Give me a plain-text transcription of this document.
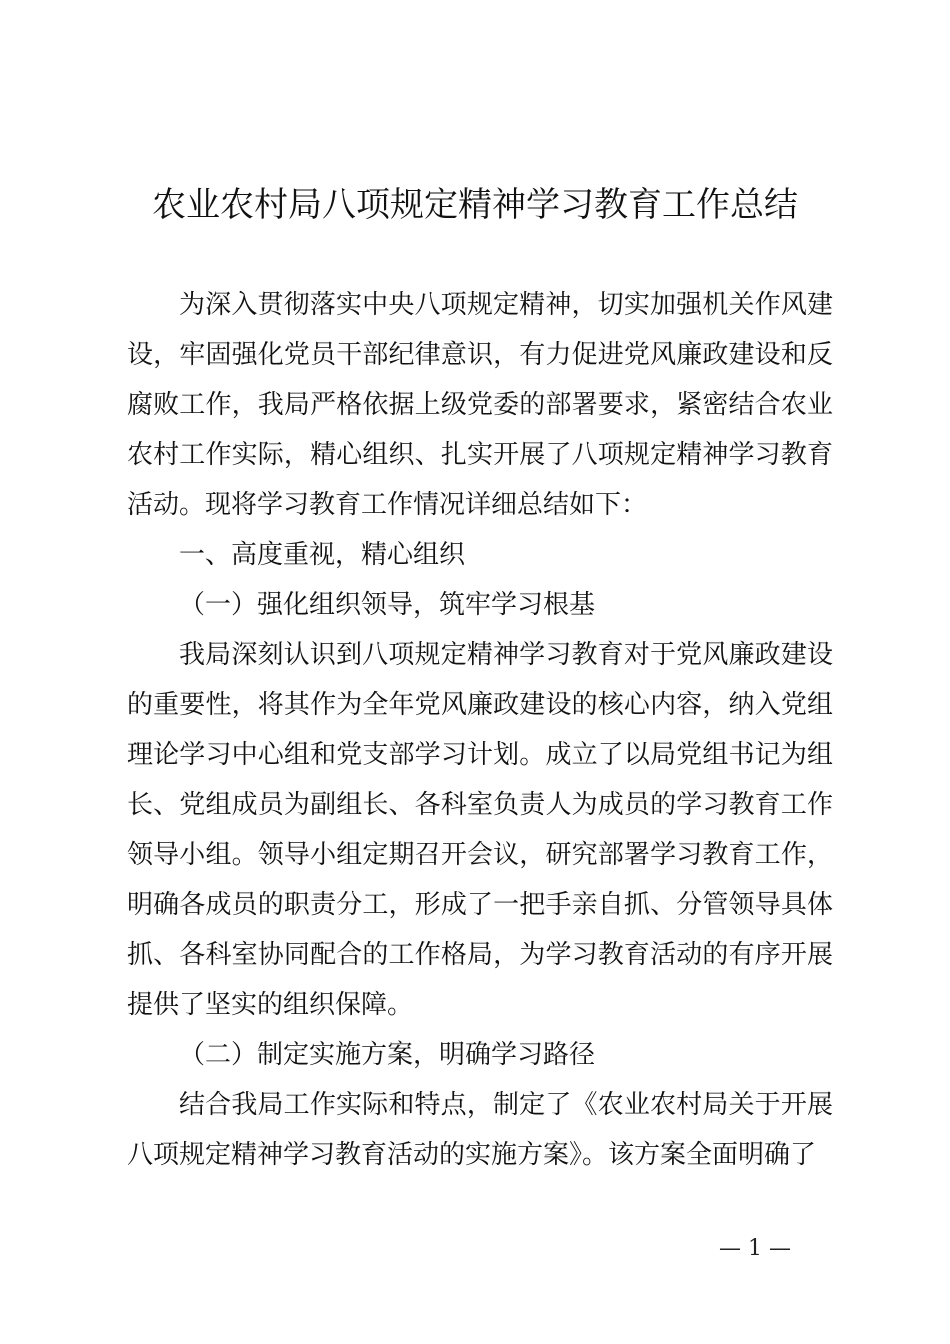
农业农村局八项规定精神学习教育工作总结

为深入贯彻落实中央八项规定精神，切实加强机关作风建设，牢固强化党员干部纪律意识，有力促进党风廉政建设和反腐败工作，我局严格依据上级党委的部署要求，紧密结合农业农村工作实际，精心组织、扎实开展了八项规定精神学习教育活动。现将学习教育工作情况详细总结如下：

一、高度重视，精心组织

（一）强化组织领导，筑牢学习根基

我局深刻认识到八项规定精神学习教育对于党风廉政建设的重要性，将其作为全年党风廉政建设的核心内容，纳入党组理论学习中心组和党支部学习计划。成立了以局党组书记为组长、党组成员为副组长、各科室负责人为成员的学习教育工作领导小组。领导小组定期召开会议，研究部署学习教育工作，明确各成员的职责分工，形成了一把手亲自抓、分管领导具体抓、各科室协同配合的工作格局，为学习教育活动的有序开展提供了坚实的组织保障。

（二）制定实施方案，明确学习路径

结合我局工作实际和特点，制定了《农业农村局关于开展八项规定精神学习教育活动的实施方案》。该方案全面明确了

— 1 —
